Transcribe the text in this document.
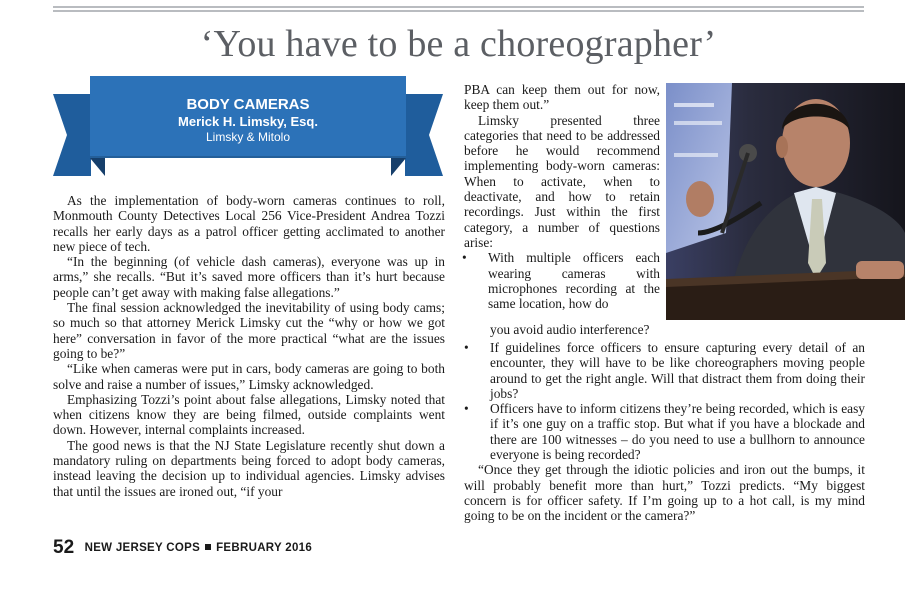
‘You have to be a choreographer’
BODY CAMERAS
Merick H. Limsky, Esq.
Limsky & Mitolo

As the implementation of body-worn cameras continues to roll, Monmouth County Detectives Local 256 Vice-President Andrea Tozzi recalls her early days as a patrol officer getting acclimated to another new piece of tech.

“In the beginning (of vehicle dash cameras), everyone was up in arms,” she recalls. “But it’s saved more officers than it’s hurt because people can’t get away with making false allegations.”

The final session acknowledged the inevitability of using body cams; so much so that attorney Merick Limsky cut the “why or how we got here” conversation in favor of the more practical “what are the issues going to be?”

“Like when cameras were put in cars, body cameras are going to both solve and raise a number of issues,” Limsky acknowledged.

Emphasizing Tozzi’s point about false allegations, Limsky noted that when citizens know they are being filmed, outside complaints went down. However, internal complaints increased.

The good news is that the NJ State Legislature recently shut down a mandatory ruling on departments being forced to adopt body cameras, instead leaving the decision up to individual agencies. Limsky advises that until the issues are ironed out, “if your

PBA can keep them out for now, keep them out.”

Limsky presented three categories that need to be addressed before he would recommend implementing body-worn cameras: When to activate, when to deactivate, and how to retain recordings. Just within the first category, a number of questions arise:

• With multiple officers each wearing cameras with microphones recording at the same location, how do
you avoid audio interference?
• If guidelines force officers to ensure capturing every detail of an encounter, they will have to be like choreographers moving people around to get the right angle. Will that distract them from doing their jobs?
• Officers have to inform citizens they’re being recorded, which is easy if it’s one guy on a traffic stop. But what if you have a blockade and there are 100 witnesses – do you need to use a bullhorn to announce everyone is being recorded?

“Once they get through the idiotic policies and iron out the bumps, it will probably benefit more than hurt,” Tozzi predicts. “My biggest concern is for officer safety. If I’m going up to a hot call, is my mind going to be on the incident or the camera?”

52 NEW JERSEY COPS FEBRUARY 2016
